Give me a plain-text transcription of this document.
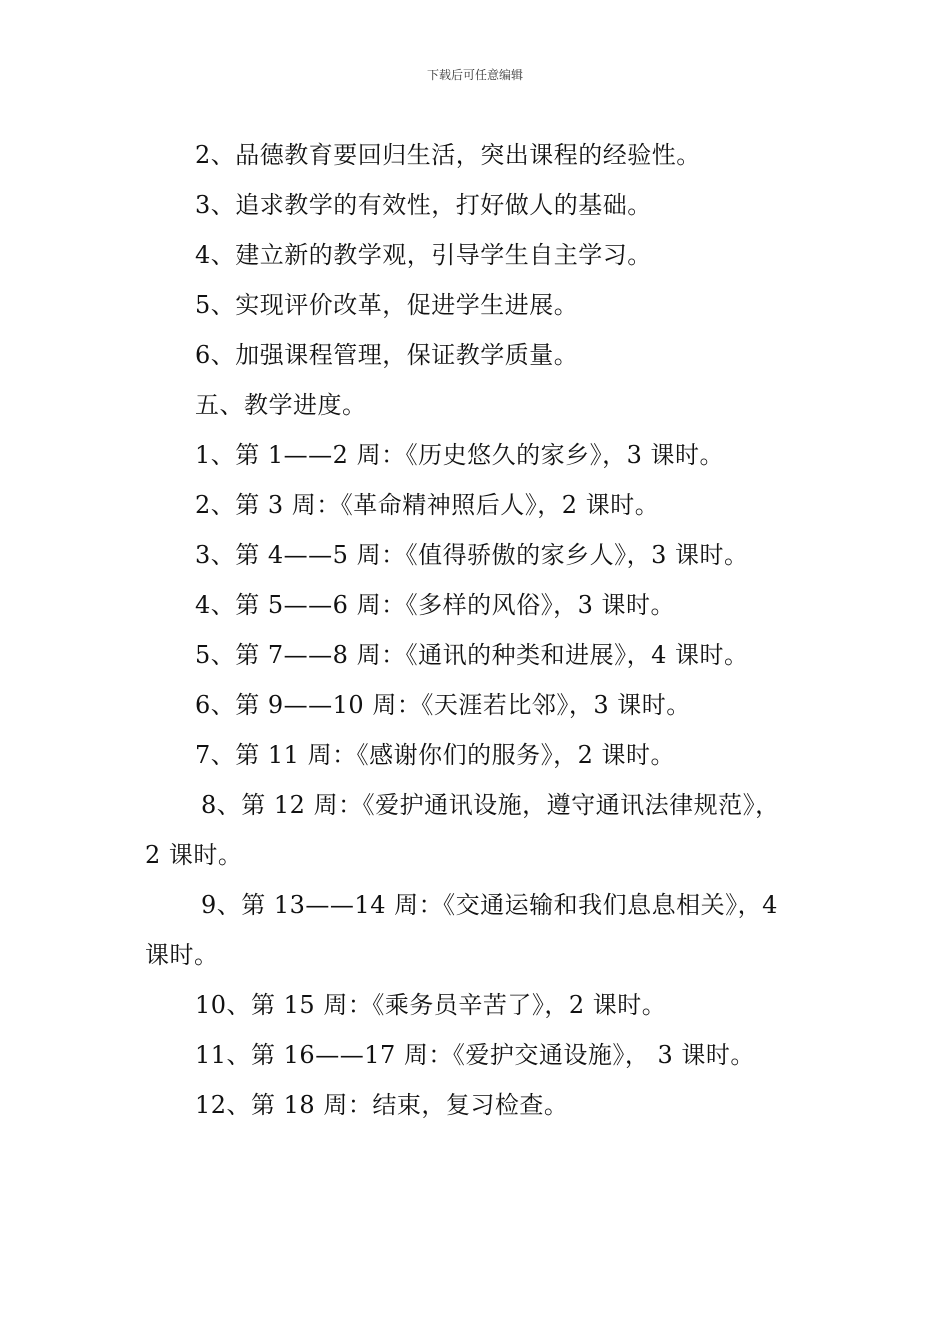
下载后可任意编辑
2、品德教育要回归生活，突出课程的经验性。
3、追求教学的有效性，打好做人的基础。
4、建立新的教学观，引导学生自主学习。
5、实现评价改革，促进学生进展。
6、加强课程管理，保证教学质量。
五、教学进度。
1、第 1——2 周：《历史悠久的家乡》，3 课时。
2、第 3 周：《革命精神照后人》，2 课时。
3、第 4——5 周：《值得骄傲的家乡人》，3 课时。
4、第 5——6 周：《多样的风俗》，3 课时。
5、第 7——8 周：《通讯的种类和进展》，4 课时。
6、第 9——10 周：《天涯若比邻》，3 课时。
7、第 11 周：《感谢你们的服务》，2 课时。
8、第 12 周：《爱护通讯设施，遵守通讯法律规范》，
2 课时。
9、第 13——14 周：《交通运输和我们息息相关》，4
课时。
10、第 15 周：《乘务员辛苦了》，2 课时。
11、第 16——17 周：《爱护交通设施》， 3 课时。
12、第 18 周：结束，复习检查。
